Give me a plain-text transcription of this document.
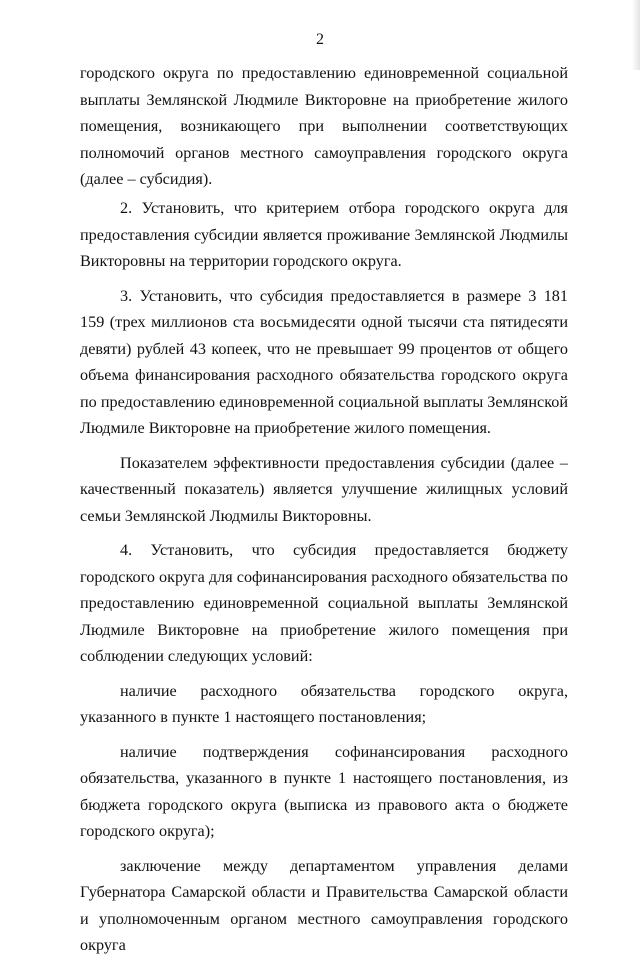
2

городского округа по предоставлению единовременной социальной выплаты Землянской Людмиле Викторовне на приобретение жилого помещения, возникающего при выполнении соответствующих полномочий органов местного самоуправления городского округа (далее – субсидия).

2. Установить, что критерием отбора городского округа для предоставления субсидии является проживание Землянской Людмилы Викторовны на территории городского округа.

3. Установить, что субсидия предоставляется в размере 3 181 159 (трех миллионов ста восьмидесяти одной тысячи ста пятидесяти девяти) рублей 43 копеек, что не превышает 99 процентов от общего объема финансирования расходного обязательства городского округа по предоставлению единовременной социальной выплаты Землянской Людмиле Викторовне на приобретение жилого помещения.

Показателем эффективности предоставления субсидии (далее – качественный показатель) является улучшение жилищных условий семьи Землянской Людмилы Викторовны.

4. Установить, что субсидия предоставляется бюджету городского округа для софинансирования расходного обязательства по предоставлению единовременной социальной выплаты Землянской Людмиле Викторовне на приобретение жилого помещения при соблюдении следующих условий:

наличие расходного обязательства городского округа, указанного в пункте 1 настоящего постановления;

наличие подтверждения софинансирования расходного обязательства, указанного в пункте 1 настоящего постановления, из бюджета городского округа (выписка из правового акта о бюджете городского округа);

заключение между департаментом управления делами Губернатора Самарской области и Правительства Самарской области и уполномоченным органом местного самоуправления городского округа
